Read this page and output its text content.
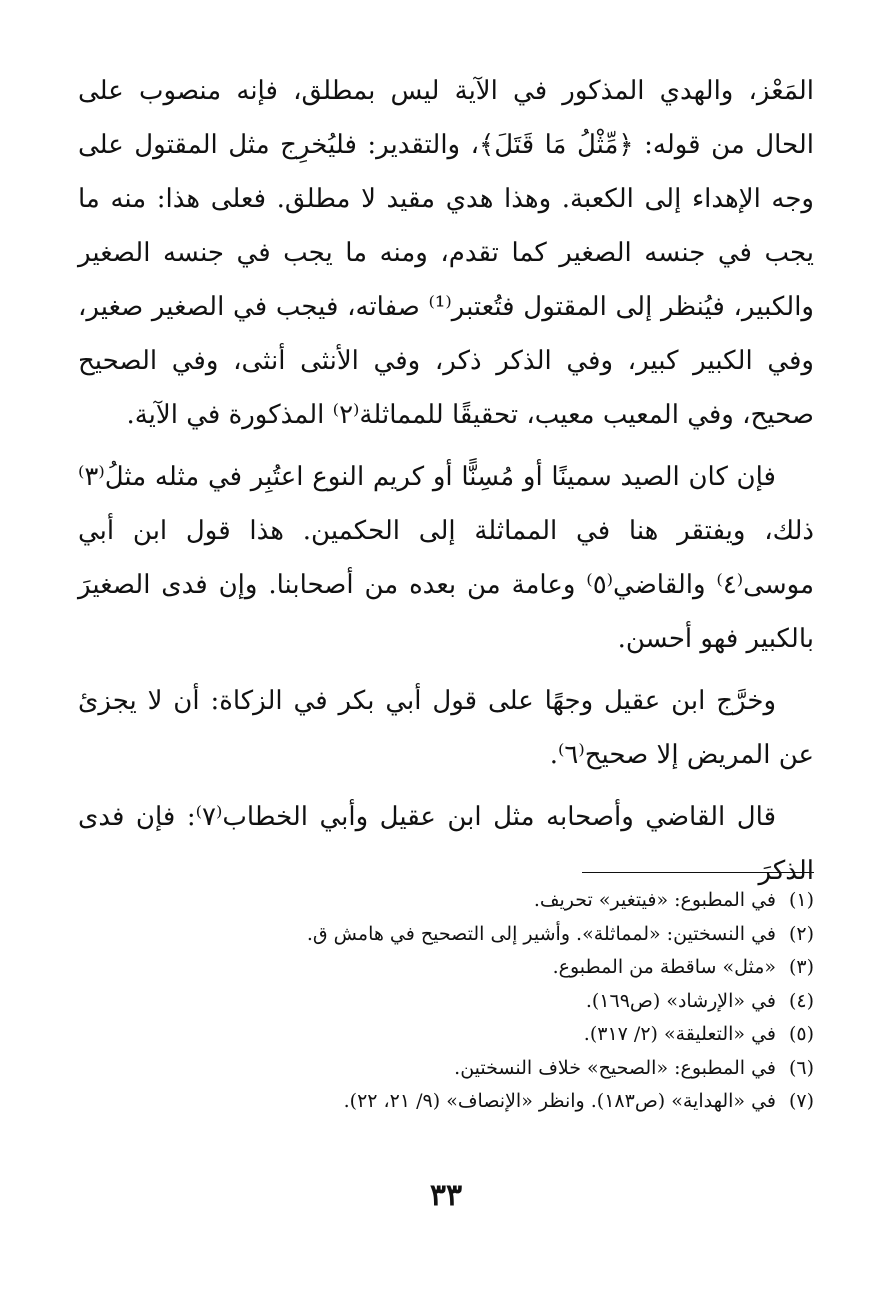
المَعْز، والهدي المذكور في الآية ليس بمطلق، فإنه منصوب على الحال من قوله: ﴿مِّثْلُ مَا قَتَلَ﴾، والتقدير: فليُخرِج مثل المقتول على وجه الإهداء إلى الكعبة. وهذا هدي مقيد لا مطلق. فعلى هذا: منه ما يجب في جنسه الصغير كما تقدم، ومنه ما يجب في جنسه الصغير والكبير، فيُنظر إلى المقتول فتُعتبر⁽¹⁾ صفاته، فيجب في الصغير صغير، وفي الكبير كبير، وفي الذكر ذكر، وفي الأنثى أنثى، وفي الصحيح صحيح، وفي المعيب معيب، تحقيقًا للمماثلة⁽٢⁾ المذكورة في الآية.

فإن كان الصيد سمينًا أو مُسِنًّا أو كريم النوع اعتُبِر في مثله مثلُ⁽٣⁾ ذلك، ويفتقر هنا في المماثلة إلى الحكمين. هذا قول ابن أبي موسى⁽٤⁾ والقاضي⁽٥⁾ وعامة من بعده من أصحابنا. وإن فدى الصغيرَ بالكبير فهو أحسن.

وخرَّج ابن عقيل وجهًا على قول أبي بكر في الزكاة: أن لا يجزئ عن المريض إلا صحيح⁽٦⁾.

قال القاضي وأصحابه مثل ابن عقيل وأبي الخطاب⁽٧⁾: فإن فدى الذكرَ

(١)
في المطبوع: «فيتغير» تحريف.
(٢)
في النسختين: «لمماثلة». وأشير إلى التصحيح في هامش ق.
(٣)
«مثل» ساقطة من المطبوع.
(٤)
في «الإرشاد» (ص١٦٩).
(٥)
في «التعليقة» (٢/ ٣١٧).
(٦)
في المطبوع: «الصحيح» خلاف النسختين.
(٧)
في «الهداية» (ص١٨٣). وانظر «الإنصاف» (٩/ ٢١، ٢٢).
٣٣
